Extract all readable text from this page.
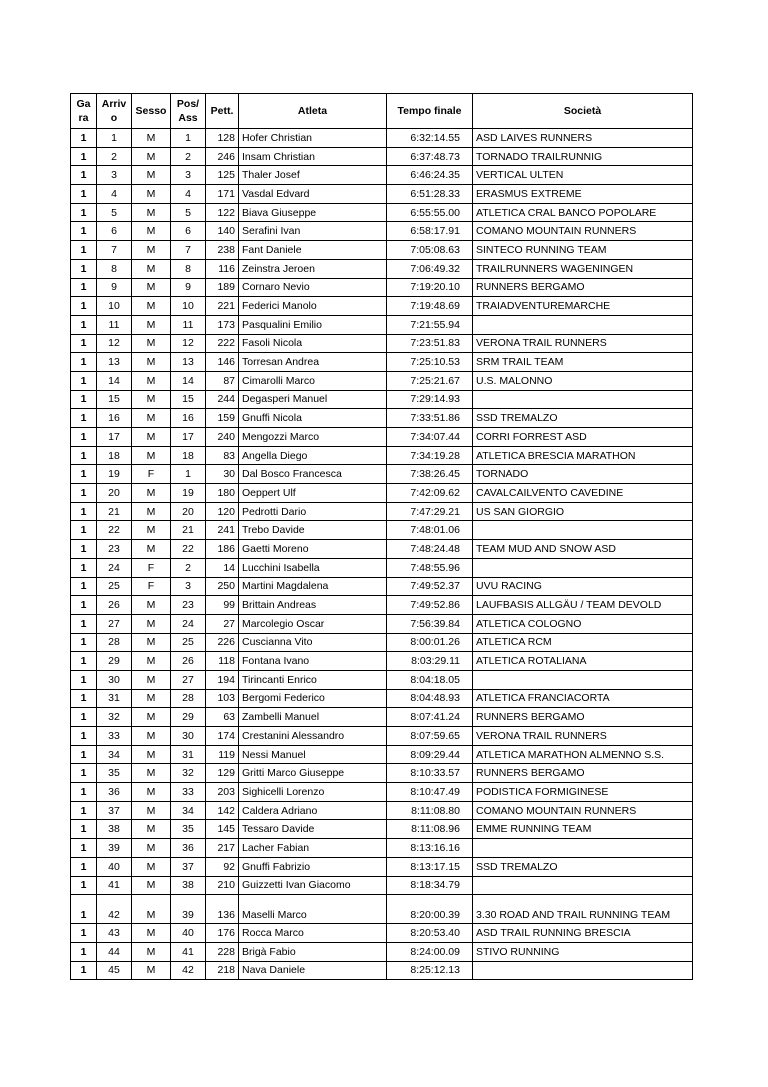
Ga ra	Arriv o	Sesso	Pos/ Ass	Pett.	Atleta	Tempo finale	Società
1	1	M	1	128	Hofer Christian	6:32:14.55	ASD LAIVES RUNNERS
1	2	M	2	246	Insam Christian	6:37:48.73	TORNADO TRAILRUNNIG
1	3	M	3	125	Thaler Josef	6:46:24.35	VERTICAL ULTEN
1	4	M	4	171	Vasdal Edvard	6:51:28.33	ERASMUS EXTREME
1	5	M	5	122	Biava Giuseppe	6:55:55.00	ATLETICA CRAL BANCO POPOLARE
1	6	M	6	140	Serafini Ivan	6:58:17.91	COMANO MOUNTAIN RUNNERS
1	7	M	7	238	Fant Daniele	7:05:08.63	SINTECO RUNNING TEAM
1	8	M	8	116	Zeinstra Jeroen	7:06:49.32	TRAILRUNNERS WAGENINGEN
1	9	M	9	189	Cornaro Nevio	7:19:20.10	RUNNERS BERGAMO
1	10	M	10	221	Federici Manolo	7:19:48.69	TRAIADVENTUREMARCHE
1	11	M	11	173	Pasqualini Emilio	7:21:55.94	
1	12	M	12	222	Fasoli Nicola	7:23:51.83	VERONA TRAIL RUNNERS
1	13	M	13	146	Torresan Andrea	7:25:10.53	SRM TRAIL TEAM
1	14	M	14	87	Cimarolli Marco	7:25:21.67	U.S. MALONNO
1	15	M	15	244	Degasperi Manuel	7:29:14.93	
1	16	M	16	159	Gnuffi Nicola	7:33:51.86	SSD TREMALZO
1	17	M	17	240	Mengozzi Marco	7:34:07.44	CORRI FORREST ASD
1	18	M	18	83	Angella Diego	7:34:19.28	ATLETICA BRESCIA MARATHON
1	19	F	1	30	Dal Bosco Francesca	7:38:26.45	TORNADO
1	20	M	19	180	Oeppert Ulf	7:42:09.62	CAVALCAILVENTO CAVEDINE
1	21	M	20	120	Pedrotti Dario	7:47:29.21	US SAN GIORGIO
1	22	M	21	241	Trebo Davide	7:48:01.06	
1	23	M	22	186	Gaetti Moreno	7:48:24.48	TEAM MUD AND SNOW ASD
1	24	F	2	14	Lucchini Isabella	7:48:55.96	
1	25	F	3	250	Martini Magdalena	7:49:52.37	UVU RACING
1	26	M	23	99	Brittain Andreas	7:49:52.86	LAUFBASIS ALLGÄU / TEAM DEVOLD
1	27	M	24	27	Marcolegio Oscar	7:56:39.84	ATLETICA COLOGNO
1	28	M	25	226	Cuscianna Vito	8:00:01.26	ATLETICA RCM
1	29	M	26	118	Fontana Ivano	8:03:29.11	ATLETICA ROTALIANA
1	30	M	27	194	Tirincanti Enrico	8:04:18.05	
1	31	M	28	103	Bergomi Federico	8:04:48.93	ATLETICA FRANCIACORTA
1	32	M	29	63	Zambelli Manuel	8:07:41.24	RUNNERS BERGAMO
1	33	M	30	174	Crestanini Alessandro	8:07:59.65	VERONA TRAIL RUNNERS
1	34	M	31	119	Nessi Manuel	8:09:29.44	ATLETICA MARATHON ALMENNO S.S.
1	35	M	32	129	Gritti Marco Giuseppe	8:10:33.57	RUNNERS BERGAMO
1	36	M	33	203	Sighicelli Lorenzo	8:10:47.49	PODISTICA FORMIGINESE
1	37	M	34	142	Caldera Adriano	8:11:08.80	COMANO MOUNTAIN RUNNERS
1	38	M	35	145	Tessaro Davide	8:11:08.96	EMME RUNNING TEAM
1	39	M	36	217	Lacher Fabian	8:13:16.16	
1	40	M	37	92	Gnuffi Fabrizio	8:13:17.15	SSD TREMALZO
1	41	M	38	210	Guizzetti Ivan Giacomo	8:18:34.79	
1	42	M	39	136	Maselli Marco	8:20:00.39	3.30 ROAD AND TRAIL RUNNING TEAM
1	43	M	40	176	Rocca Marco	8:20:53.40	ASD TRAIL RUNNING BRESCIA
1	44	M	41	228	Brigà Fabio	8:24:00.09	STIVO RUNNING
1	45	M	42	218	Nava Daniele	8:25:12.13	
